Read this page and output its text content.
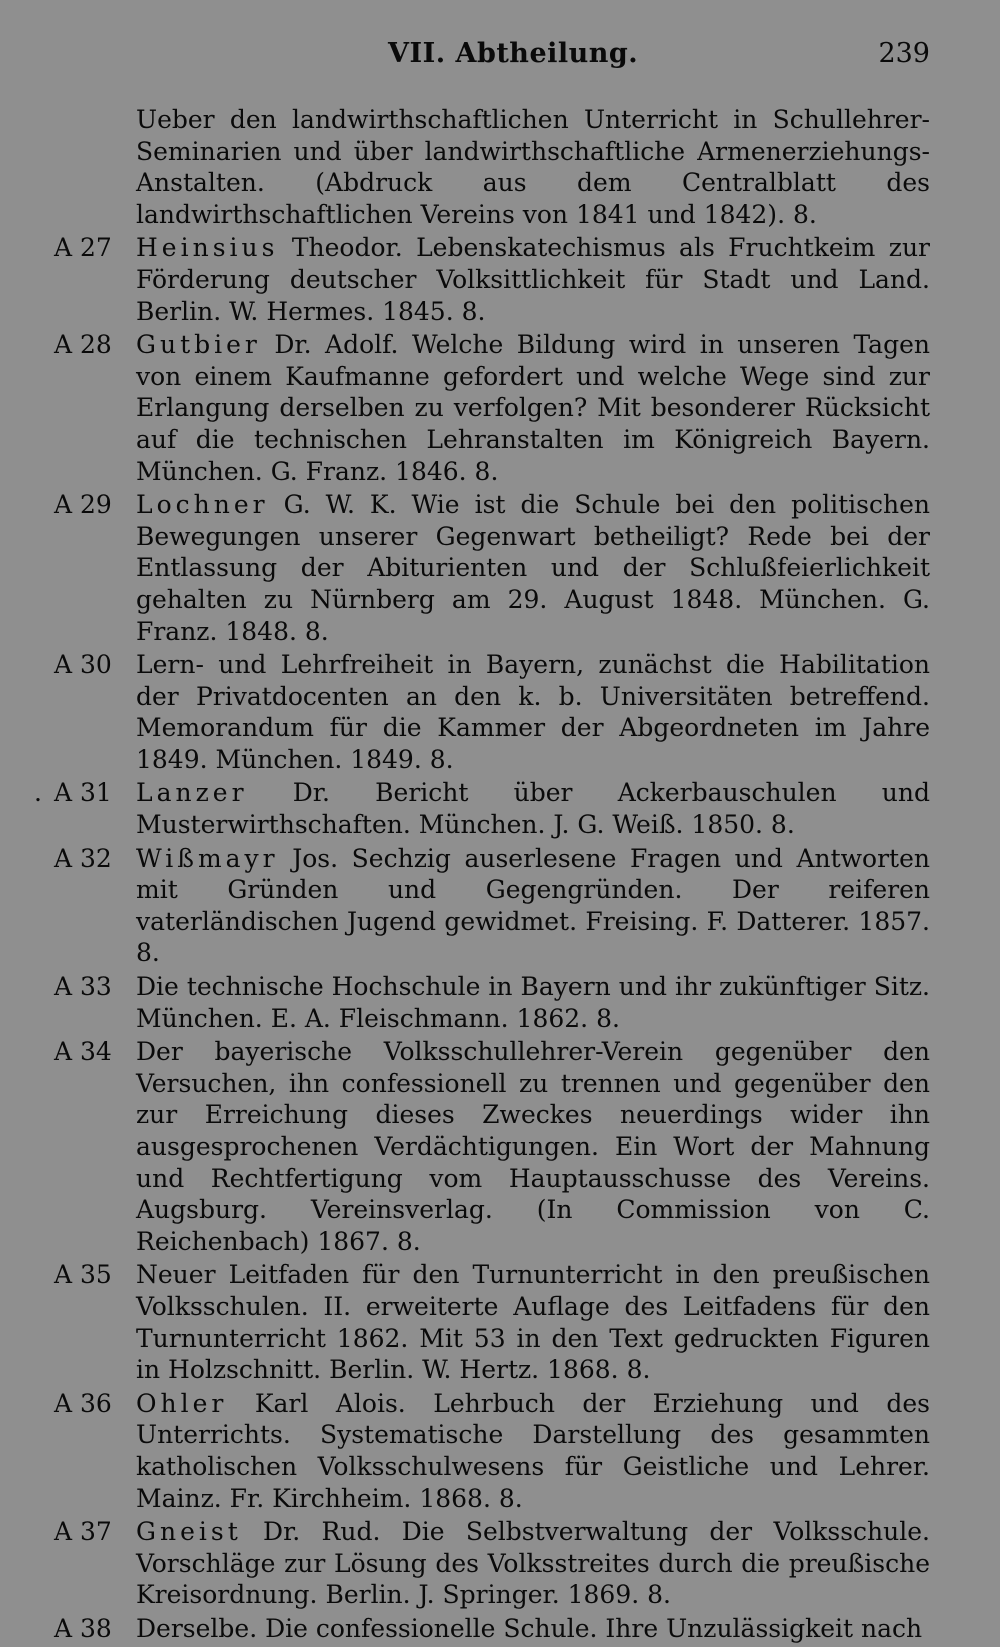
VII. Abtheilung.	239
Ueber den landwirthschaftlichen Unterricht in Schullehrer-Seminarien und über landwirthschaftliche Armenerziehungs-Anstalten. (Abdruck aus dem Centralblatt des landwirthschaftlichen Vereins von 1841 und 1842). 8.
A 27 Heinsius Theodor. Lebenskatechismus als Fruchtkeim zur Förderung deutscher Volksittlichkeit für Stadt und Land. Berlin. W. Hermes. 1845. 8.
A 28 Gutbier Dr. Adolf. Welche Bildung wird in unseren Tagen von einem Kaufmanne gefordert und welche Wege sind zur Erlangung derselben zu verfolgen? Mit besonderer Rücksicht auf die technischen Lehranstalten im Königreich Bayern. München. G. Franz. 1846. 8.
A 29 Lochner G. W. K. Wie ist die Schule bei den politischen Bewegungen unserer Gegenwart betheiligt? Rede bei der Entlassung der Abiturienten und der Schlußfeierlichkeit gehalten zu Nürnberg am 29. August 1848. München. G. Franz. 1848. 8.
A 30 Lern- und Lehrfreiheit in Bayern, zunächst die Habilitation der Privatdocenten an den k. b. Universitäten betreffend. Memorandum für die Kammer der Abgeordneten im Jahre 1849. München. 1849. 8.
. A 31 Lanzer Dr. Bericht über Ackerbauschulen und Musterwirthschaften. München. J. G. Weiß. 1850. 8.
A 32 Wißmayr Jos. Sechzig auserlesene Fragen und Antworten mit Gründen und Gegengründen. Der reiferen vaterländischen Jugend gewidmet. Freising. F. Datterer. 1857. 8.
A 33 Die technische Hochschule in Bayern und ihr zukünftiger Sitz. München. E. A. Fleischmann. 1862. 8.
A 34 Der bayerische Volksschullehrer-Verein gegenüber den Versuchen, ihn confessionell zu trennen und gegenüber den zur Erreichung dieses Zweckes neuerdings wider ihn ausgesprochenen Verdächtigungen. Ein Wort der Mahnung und Rechtfertigung vom Hauptausschusse des Vereins. Augsburg. Vereinsverlag. (In Commission von C. Reichenbach) 1867. 8.
A 35 Neuer Leitfaden für den Turnunterricht in den preußischen Volksschulen. II. erweiterte Auflage des Leitfadens für den Turnunterricht 1862. Mit 53 in den Text gedruckten Figuren in Holzschnitt. Berlin. W. Hertz. 1868. 8.
A 36 Ohler Karl Alois. Lehrbuch der Erziehung und des Unterrichts. Systematische Darstellung des gesammten katholischen Volksschulwesens für Geistliche und Lehrer. Mainz. Fr. Kirchheim. 1868. 8.
A 37 Gneist Dr. Rud. Die Selbstverwaltung der Volksschule. Vorschläge zur Lösung des Volksstreites durch die preußische Kreisordnung. Berlin. J. Springer. 1869. 8.
A 38 Derselbe. Die confessionelle Schule. Ihre Unzulässigkeit nach
